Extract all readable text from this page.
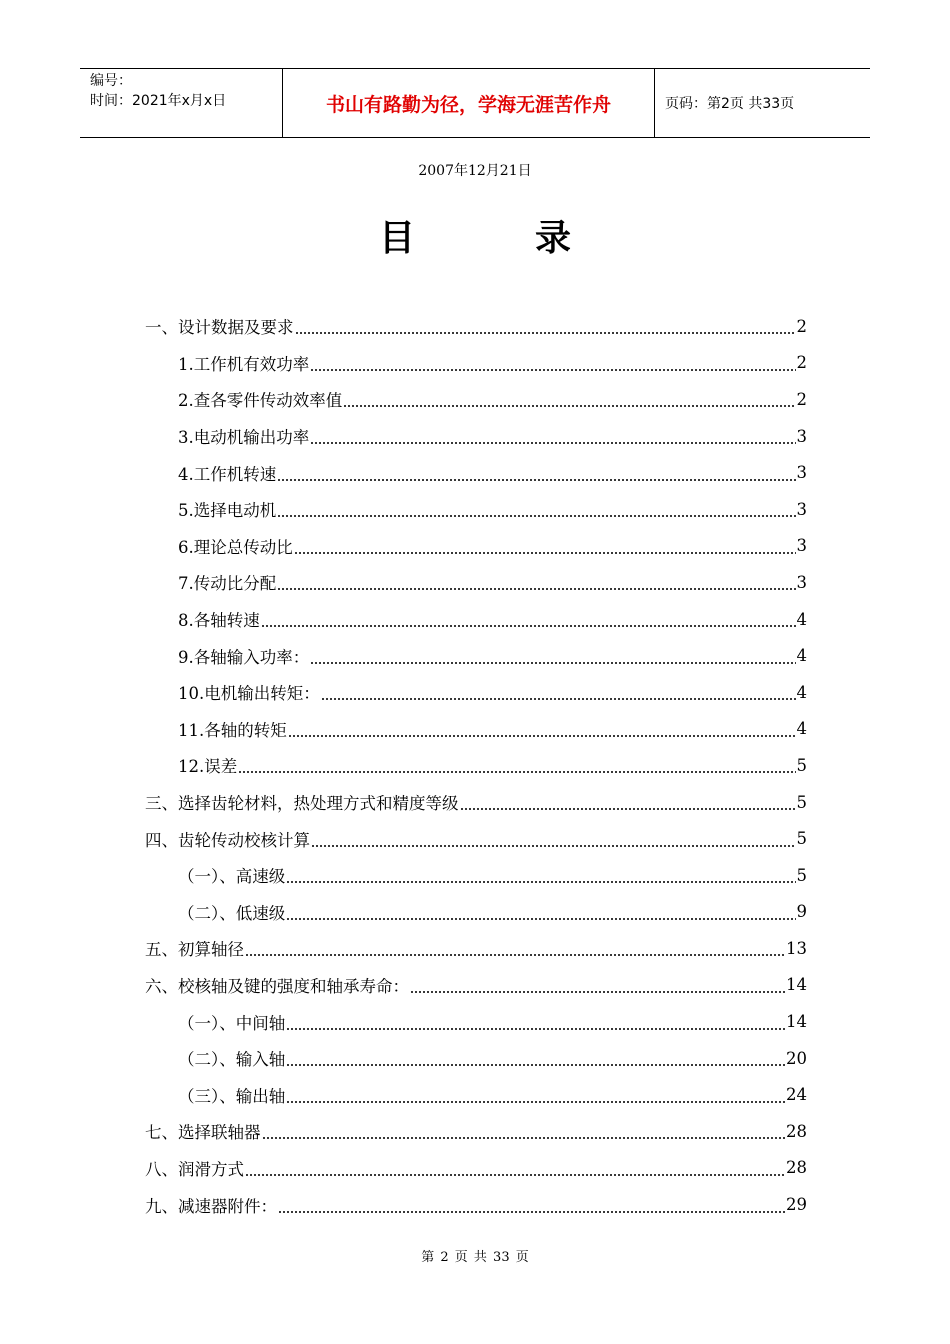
编号：
时间：2021年x月x日	书山有路勤为径，学海无涯苦作舟	页码：第2页 共33页
2007年12月21日
目　录
一、设计数据及要求	2
1.工作机有效功率	2
2.查各零件传动效率值	2
3.电动机输出功率	3
4.工作机转速	3
5.选择电动机	3
6.理论总传动比	3
7.传动比分配	3
8.各轴转速	4
9.各轴输入功率：	4
10.电机输出转矩：	4
11.各轴的转矩	4
12.误差	5
三、选择齿轮材料，热处理方式和精度等级	5
四、齿轮传动校核计算	5
（一）、高速级	5
（二）、低速级	9
五、初算轴径	13
六、校核轴及键的强度和轴承寿命：	14
（一）、中间轴	14
（二）、输入轴	20
（三）、输出轴	24
七、选择联轴器	28
八、润滑方式	28
九、减速器附件：	29
第 2 页 共 33 页
